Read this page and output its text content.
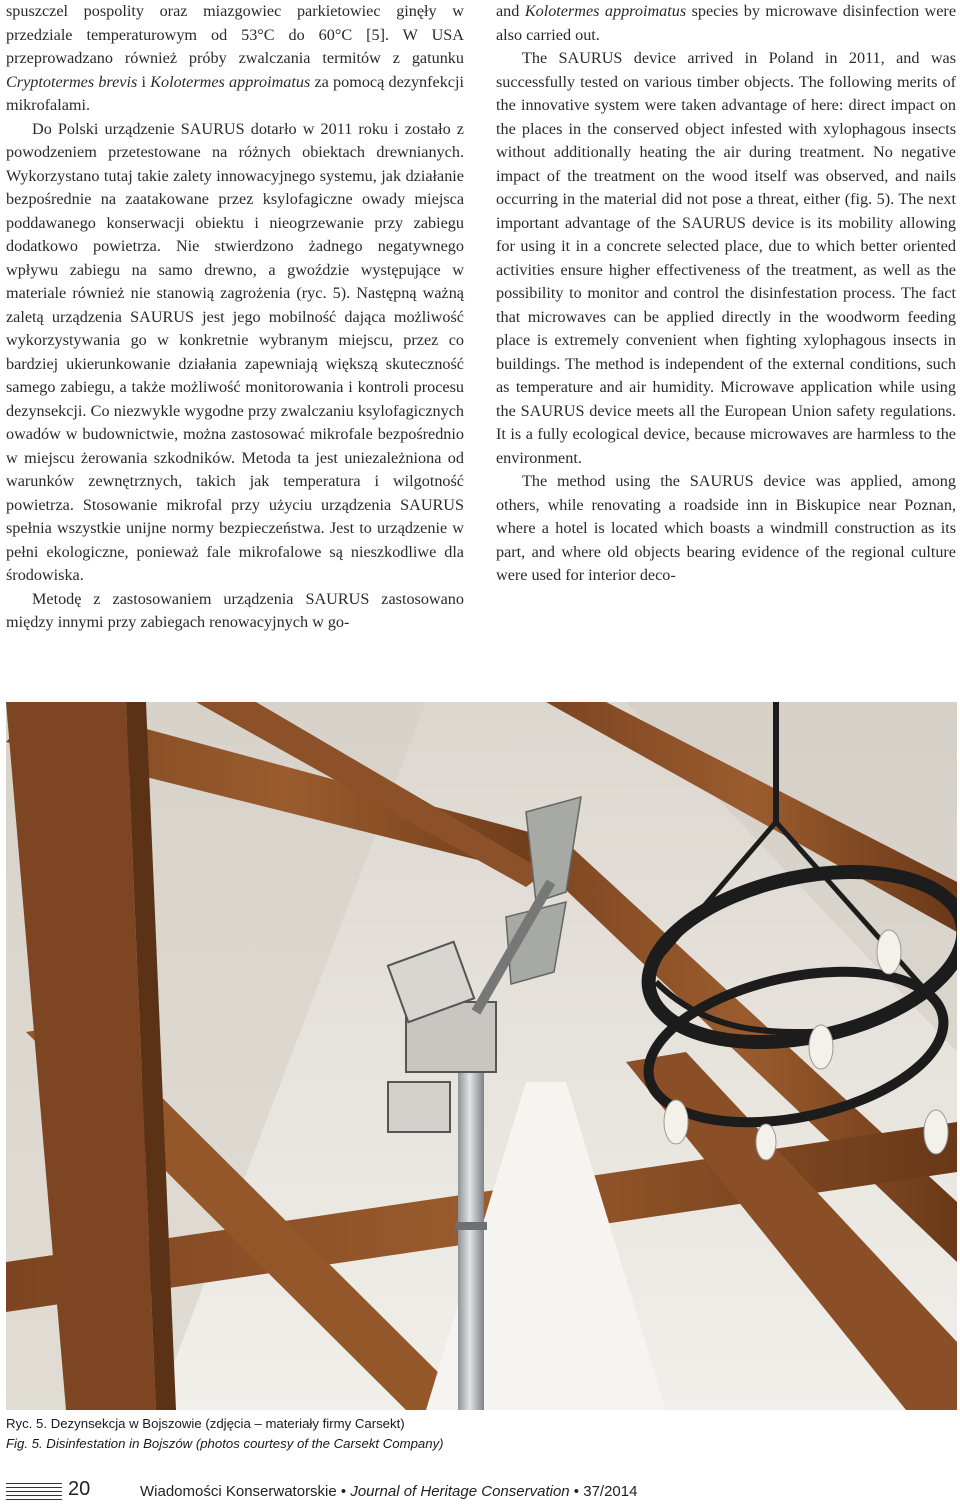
spuszczel pospolity oraz miazgowiec parkietowiec ginęły w przedziale temperaturowym od 53°C do 60°C [5]. W USA przeprowadzano również próby zwalczania termitów z gatunku Cryptotermes brevis i Kolotermes approimatus za pomocą dezynfekcji mikrofalami.

Do Polski urządzenie SAURUS dotarło w 2011 roku i zostało z powodzeniem przetestowane na różnych obiektach drewnianych. Wykorzystano tutaj takie zalety innowacyjnego systemu, jak działanie bezpośrednie na zaatakowane przez ksylofagiczne owady miejsca poddawanego konserwacji obiektu i nieogrzewanie przy zabiegu dodatkowo powietrza. Nie stwierdzono żadnego negatywnego wpływu zabiegu na samo drewno, a gwoździe występujące w materiale również nie stanowią zagrożenia (ryc. 5). Następną ważną zaletą urządzenia SAURUS jest jego mobilność dająca możliwość wykorzystywania go w konkretnie wybranym miejscu, przez co bardziej ukierunkowanie działania zapewniają większą skuteczność samego zabiegu, a także możliwość monitorowania i kontroli procesu dezynsekcji. Co niezwykle wygodne przy zwalczaniu ksylofagicznych owadów w budownictwie, można zastosować mikrofale bezpośrednio w miejscu żerowania szkodników. Metoda ta jest uniezależniona od warunków zewnętrznych, takich jak temperatura i wilgotność powietrza. Stosowanie mikrofal przy użyciu urządzenia SAURUS spełnia wszystkie unijne normy bezpieczeństwa. Jest to urządzenie w pełni ekologiczne, ponieważ fale mikrofalowe są nieszkodliwe dla środowiska.

Metodę z zastosowaniem urządzenia SAURUS zastosowano między innymi przy zabiegach renowacyjnych w go-

and Kolotermes approimatus species by microwave disinfection were also carried out.

The SAURUS device arrived in Poland in 2011, and was successfully tested on various timber objects. The following merits of the innovative system were taken advantage of here: direct impact on the places in the conserved object infested with xylophagous insects without additionally heating the air during treatment. No negative impact of the treatment on the wood itself was observed, and nails occurring in the material did not pose a threat, either (fig. 5). The next important advantage of the SAURUS device is its mobility allowing for using it in a concrete selected place, due to which better oriented activities ensure higher effectiveness of the treatment, as well as the possibility to monitor and control the disinfestation process. The fact that microwaves can be applied directly in the woodworm feeding place is extremely convenient when fighting xylophagous insects in buildings. The method is independent of the external conditions, such as temperature and air humidity. Microwave application while using the SAURUS device meets all the European Union safety regulations. It is a fully ecological device, because microwaves are harmless to the environment.

The method using the SAURUS device was applied, among others, while renovating a roadside inn in Biskupice near Poznan, where a hotel is located which boasts a windmill construction as its part, and where old objects bearing evidence of the regional culture were used for interior deco-

Ryc. 5. Dezynsekcja w Bojszowie (zdjęcia – materiały firmy Carsekt)
Fig. 5. Disinfestation in Bojszów (photos courtesy of the Carsekt Company)
20	Wiadomości Konserwatorskie • Journal of Heritage Conservation • 37/2014
